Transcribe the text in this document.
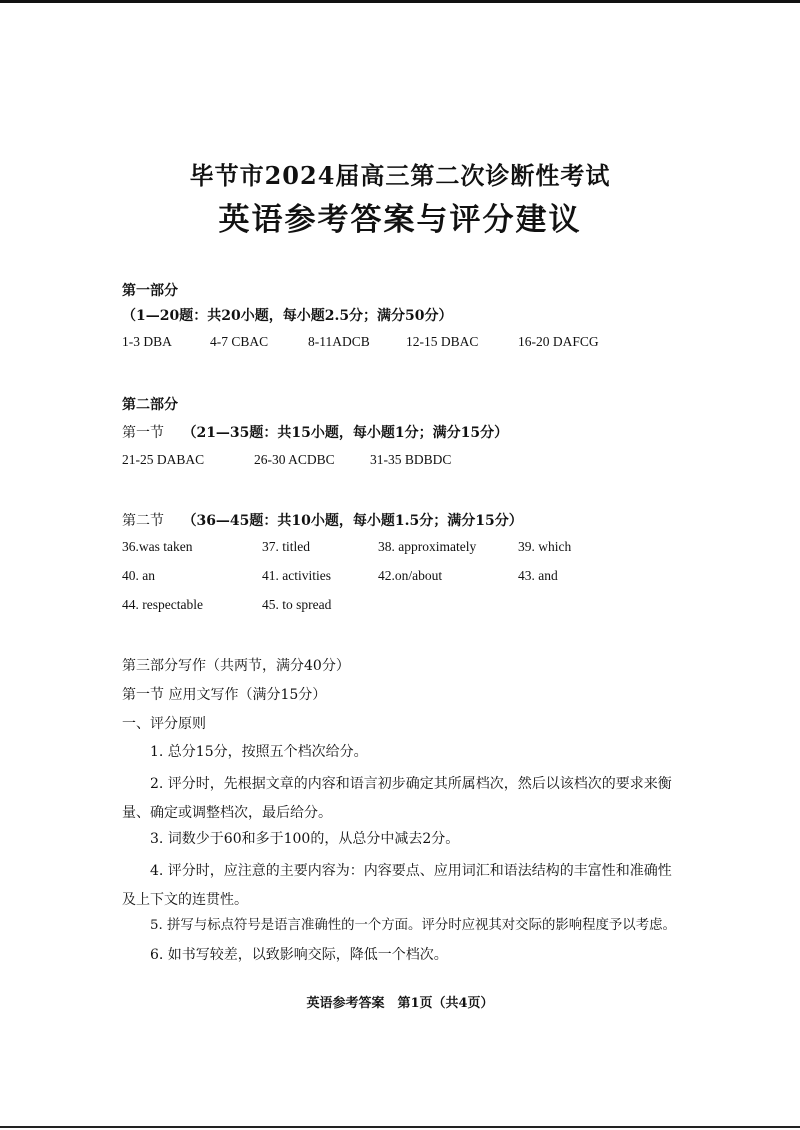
毕节市2024届高三第二次诊断性考试
英语参考答案与评分建议
第一部分
（1—20题：共20小题，每小题2.5分；满分50分）
1-3 DBA	4-7 CBAC	8-11ADCB	12-15 DBAC	16-20 DAFCG
第二部分
第一节 （21—35题：共15小题，每小题1分；满分15分）
21-25 DABAC	26-30 ACDBC	31-35 BDBDC
第二节 （36—45题：共10小题，每小题1.5分；满分15分）
36.was taken	37. titled	38. approximately	39. which
40. an	41. activities	42.on/about	43. and
44. respectable	45. to spread
第三部分写作（共两节，满分40分）
第一节 应用文写作（满分15分）
一、评分原则
1. 总分15分，按照五个档次给分。
2. 评分时，先根据文章的内容和语言初步确定其所属档次，然后以该档次的要求来衡量、确定或调整档次，最后给分。
3. 词数少于60和多于100的，从总分中减去2分。
4. 评分时，应注意的主要内容为：内容要点、应用词汇和语法结构的丰富性和准确性及上下文的连贯性。
5. 拼写与标点符号是语言准确性的一个方面。评分时应视其对交际的影响程度予以考虑。
6. 如书写较差，以致影响交际，降低一个档次。
英语参考答案　第1页（共4页）
